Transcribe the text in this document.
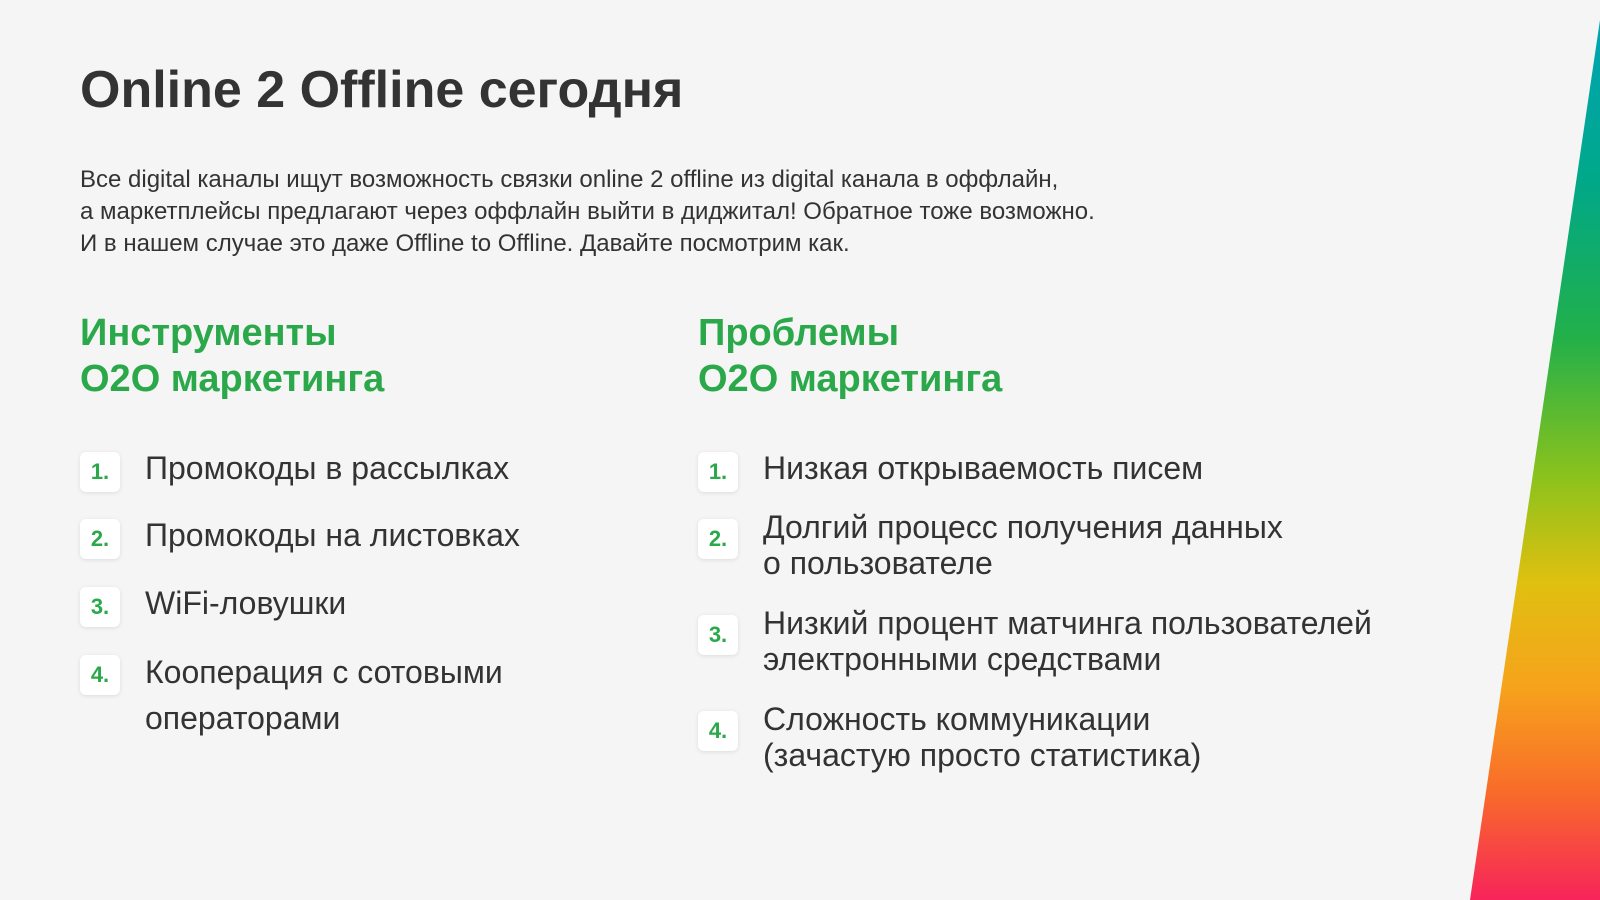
Online 2 Offline сегодня
Все digital каналы ищут возможность связки online 2 offline из digital канала в оффлайн,
а маркетплейсы предлагают через оффлайн выйти в диджитал! Обратное тоже возможно.
И в нашем случае это даже Offline to Offline. Давайте посмотрим как.
Инструменты
O2O маркетинга
1.	Промокоды в рассылках
2.	Промокоды на листовках
3.	WiFi-ловушки
4.	Кооперация с сотовыми
операторами
Проблемы
O2O маркетинга
1.	Низкая открываемость писем
2.	Долгий процесс получения данных
о пользователе
3.	Низкий процент матчинга пользователей
электронными средствами
4.	Сложность коммуникации
(зачастую просто статистика)
